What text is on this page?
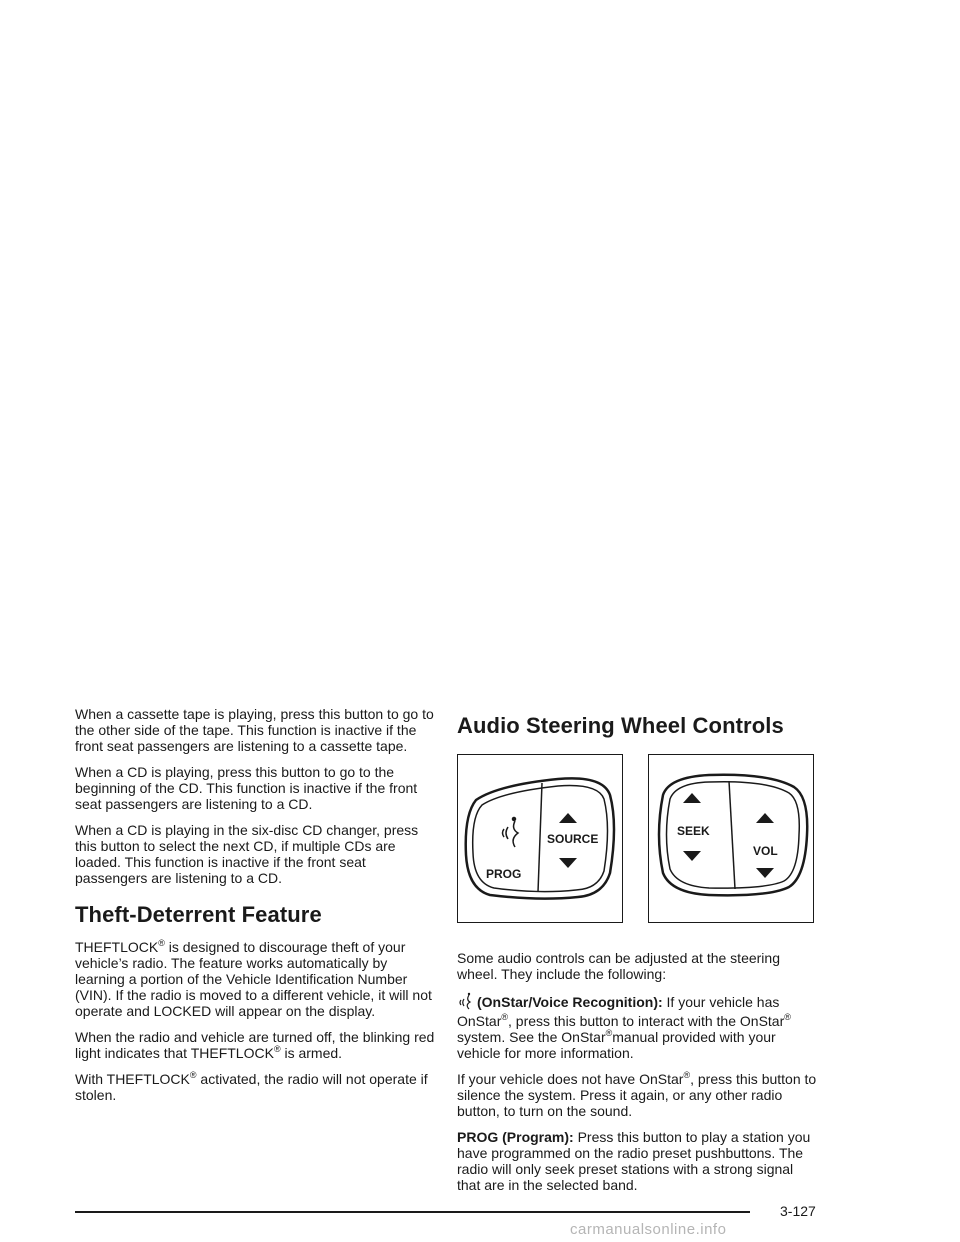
When a cassette tape is playing, press this button to go to the other side of the tape. This function is inactive if the front seat passengers are listening to a cassette tape.

When a CD is playing, press this button to go to the beginning of the CD. This function is inactive if the front seat passengers are listening to a CD.

When a CD is playing in the six-disc CD changer, press this button to select the next CD, if multiple CDs are loaded. This function is inactive if the front seat passengers are listening to a CD.

Theft-Deterrent Feature

THEFTLOCK® is designed to discourage theft of your vehicle’s radio. The feature works automatically by learning a portion of the Vehicle Identification Number (VIN). If the radio is moved to a different vehicle, it will not operate and LOCKED will appear on the display.

When the radio and vehicle are turned off, the blinking red light indicates that THEFTLOCK® is armed.

With THEFTLOCK® activated, the radio will not operate if stolen.

Audio Steering Wheel Controls
PROG
SOURCE
SEEK
VOL

Some audio controls can be adjusted at the steering wheel. They include the following:

(OnStar/Voice Recognition): If your vehicle has OnStar®, press this button to interact with the OnStar® system. See the OnStar®manual provided with your vehicle for more information.

If your vehicle does not have OnStar®, press this button to silence the system. Press it again, or any other radio button, to turn on the sound.

PROG (Program): Press this button to play a station you have programmed on the radio preset pushbuttons. The radio will only seek preset stations with a strong signal that are in the selected band.

3-127
carmanualsonline.info
